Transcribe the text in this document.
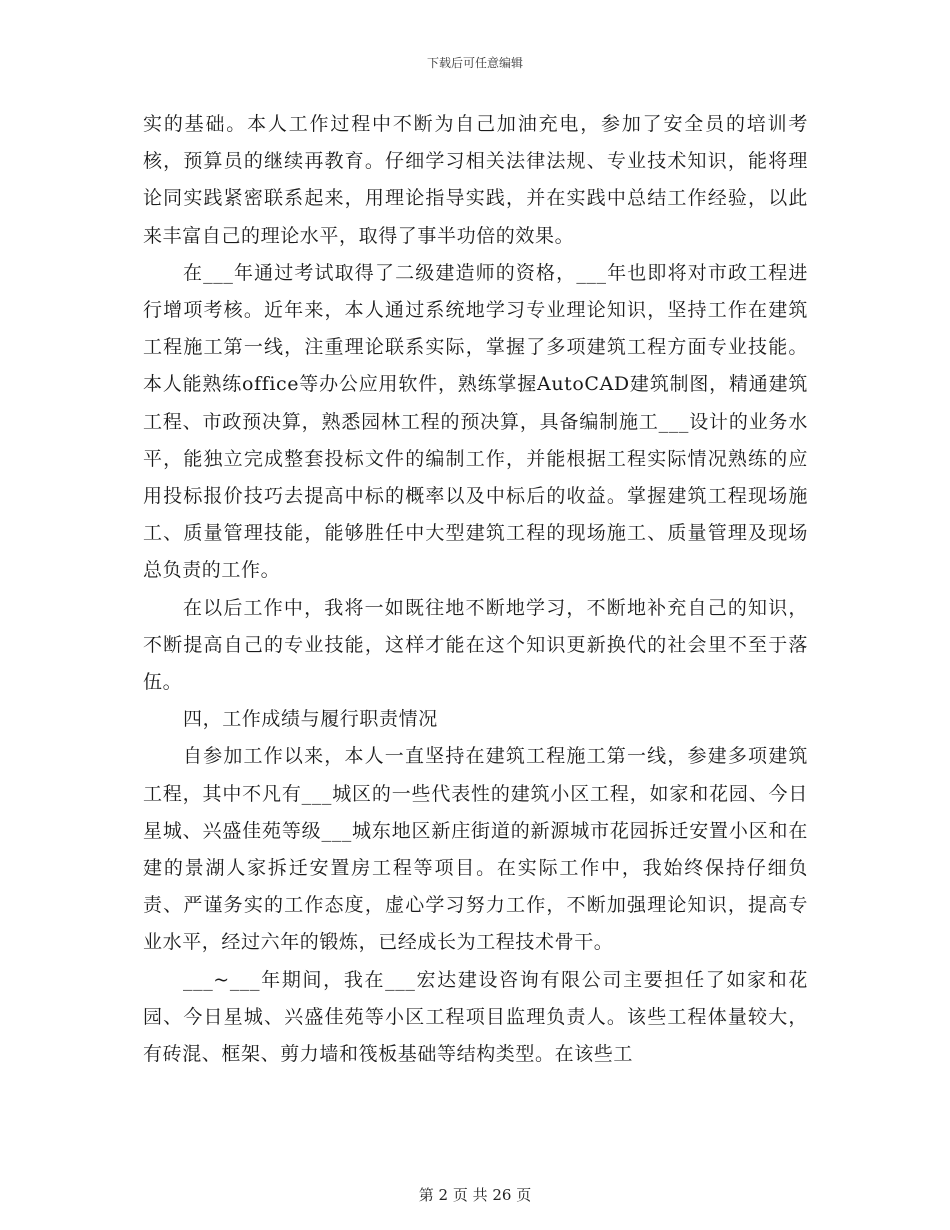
下载后可任意编辑

实的基础。本人工作过程中不断为自己加油充电，参加了安全员的培训考核，预算员的继续再教育。仔细学习相关法律法规、专业技术知识，能将理论同实践紧密联系起来，用理论指导实践，并在实践中总结工作经验，以此来丰富自己的理论水平，取得了事半功倍的效果。

在___年通过考试取得了二级建造师的资格，___年也即将对市政工程进行增项考核。近年来，本人通过系统地学习专业理论知识，坚持工作在建筑工程施工第一线，注重理论联系实际，掌握了多项建筑工程方面专业技能。本人能熟练office等办公应用软件，熟练掌握AutoCAD建筑制图，精通建筑工程、市政预决算，熟悉园林工程的预决算，具备编制施工___设计的业务水平，能独立完成整套投标文件的编制工作，并能根据工程实际情况熟练的应用投标报价技巧去提高中标的概率以及中标后的收益。掌握建筑工程现场施工、质量管理技能，能够胜任中大型建筑工程的现场施工、质量管理及现场总负责的工作。

在以后工作中，我将一如既往地不断地学习，不断地补充自己的知识，不断提高自己的专业技能，这样才能在这个知识更新换代的社会里不至于落伍。

四，工作成绩与履行职责情况

自参加工作以来，本人一直坚持在建筑工程施工第一线，参建多项建筑工程，其中不凡有___城区的一些代表性的建筑小区工程，如家和花园、今日星城、兴盛佳苑等级___城东地区新庄街道的新源城市花园拆迁安置小区和在建的景湖人家拆迁安置房工程等项目。在实际工作中，我始终保持仔细负责、严谨务实的工作态度，虚心学习努力工作，不断加强理论知识，提高专业水平，经过六年的锻炼，已经成长为工程技术骨干。

___~___年期间，我在___宏达建设咨询有限公司主要担任了如家和花园、今日星城、兴盛佳苑等小区工程项目监理负责人。该些工程体量较大，有砖混、框架、剪力墙和筏板基础等结构类型。在该些工

第 2 页 共 26 页
